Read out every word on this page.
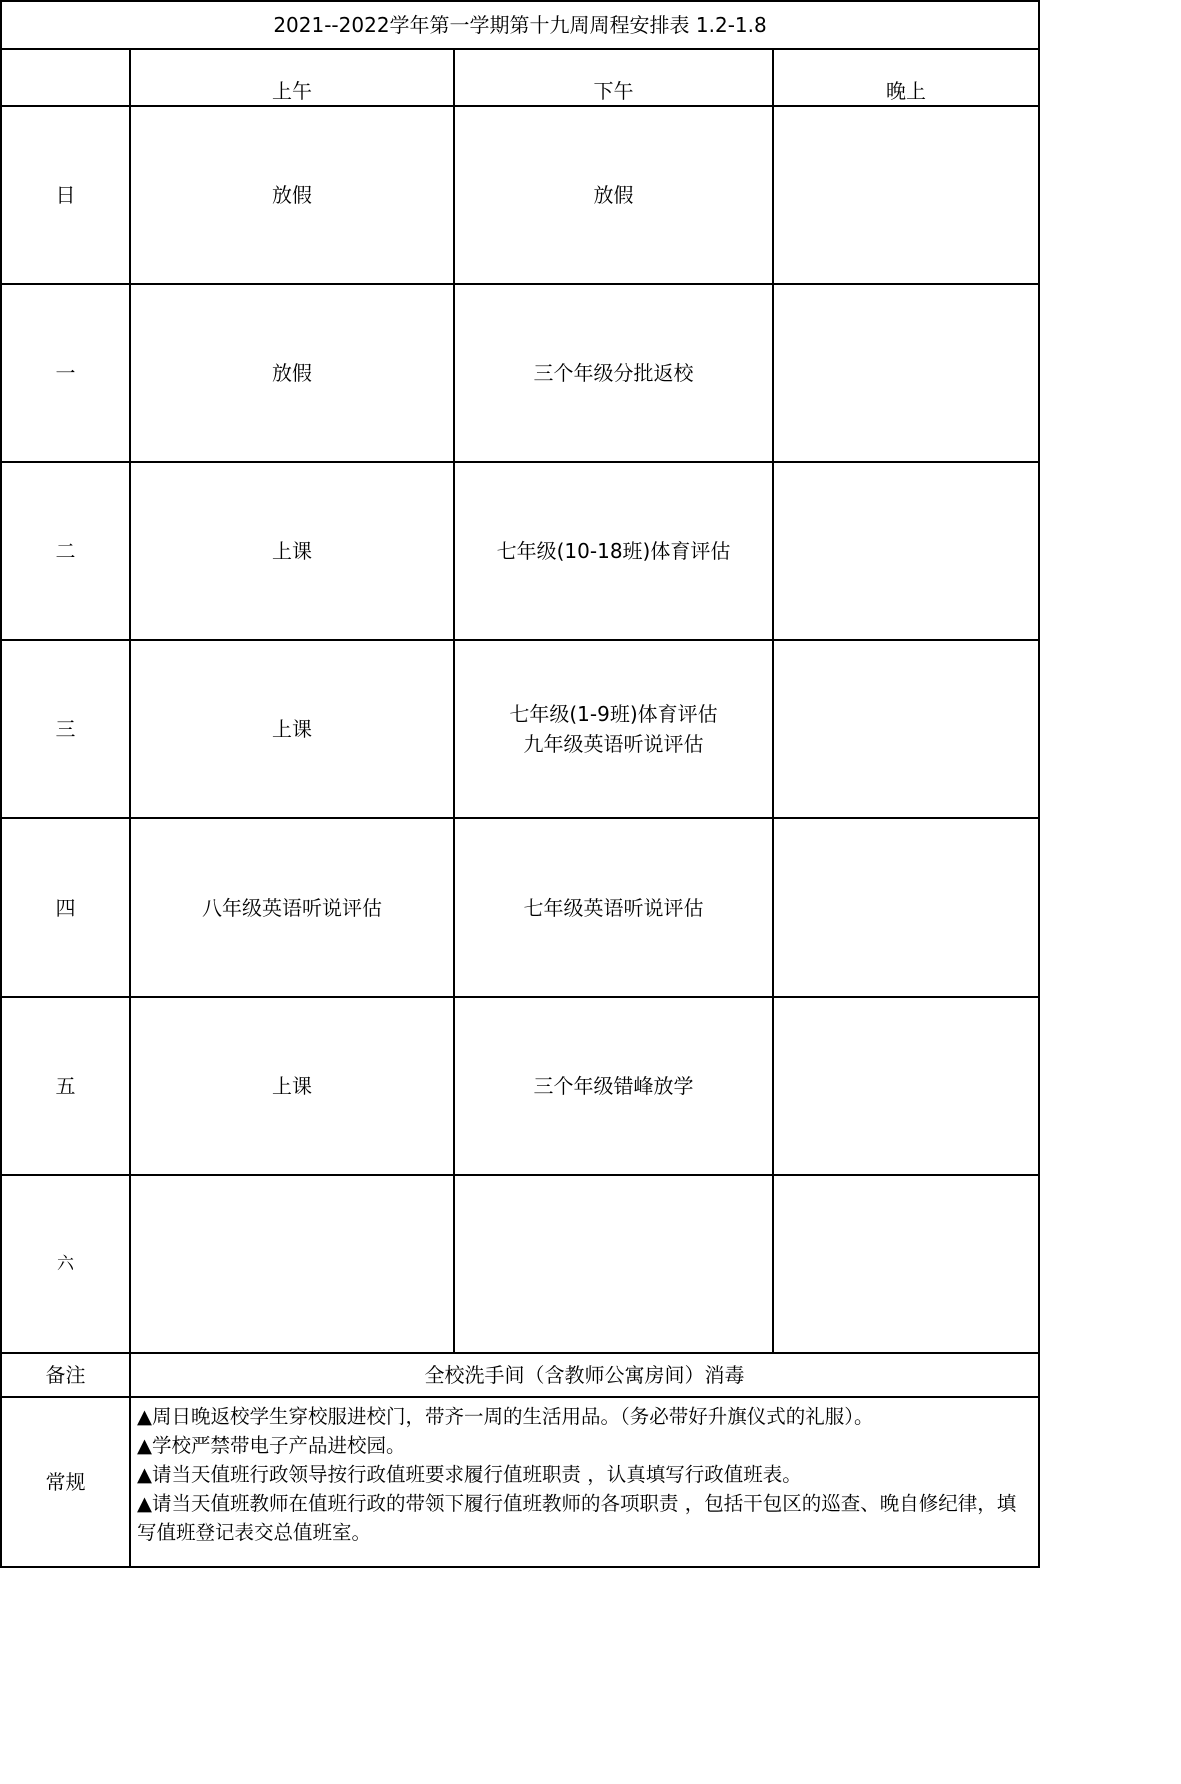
2021--2022学年第一学期第十九周周程安排表 1.2-1.8			
	上午	下午	晚上
日	放假	放假	

一	放假	三个年级分批返校	

二	上课	七年级(10-18班)体育评估	

三	上课	七年级(1-9班)体育评估
九年级英语听说评估	

四	八年级英语听说评估	七年级英语听说评估	

五	上课	三个年级错峰放学	

六			
备注	全校洗手间（含教师公寓房间）消毒		
常规	▲周日晚返校学生穿校服进校门，带齐一周的生活用品。（务必带好升旗仪式的礼服）。
▲学校严禁带电子产品进校园。
▲请当天值班行政领导按行政值班要求履行值班职责 ，认真填写行政值班表。
▲请当天值班教师在值班行政的带领下履行值班教师的各项职责 ，包括干包区的巡查、晚自修纪律，填写值班登记表交总值班室。		
